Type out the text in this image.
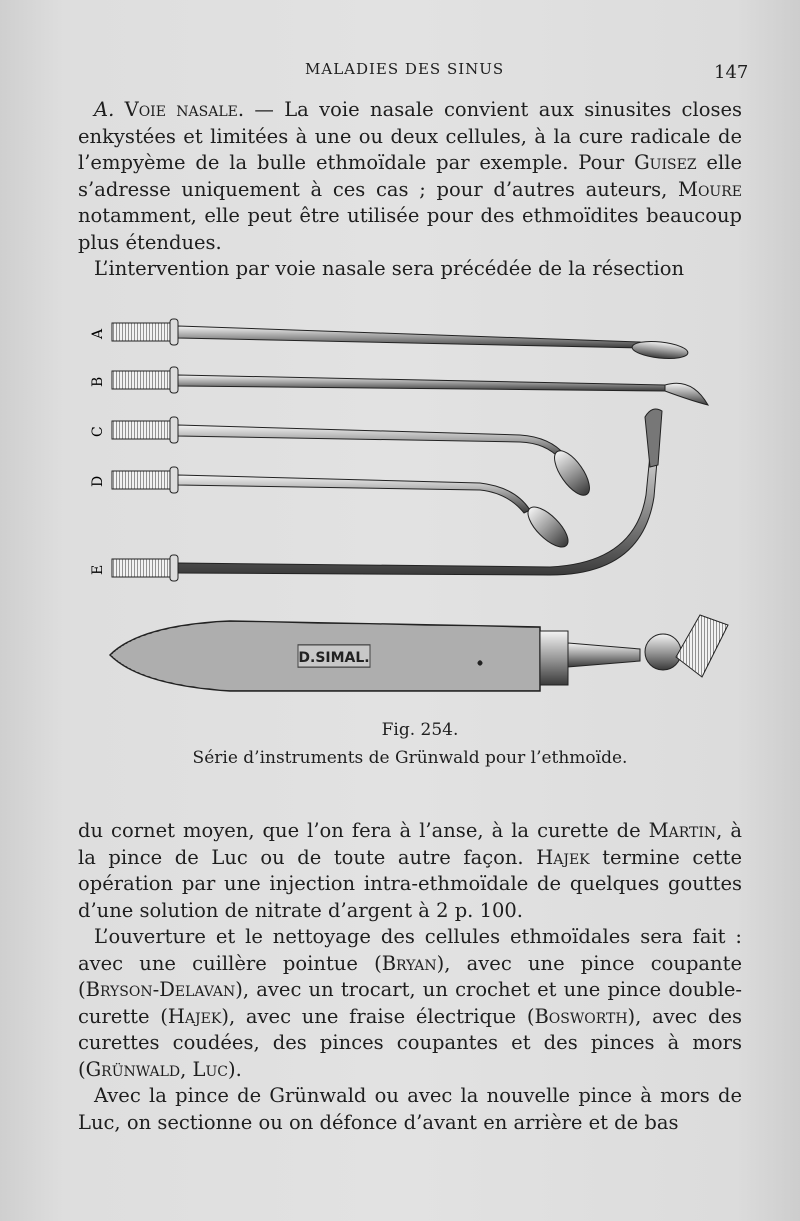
MALADIES DES SINUS	147

A. Voie nasale. — La voie nasale convient aux sinusites closes enkystées et limitées à une ou deux cellules, à la cure radicale de l’empyème de la bulle ethmoïdale par exemple. Pour Guisez elle s’adresse uniquement à ces cas ; pour d’autres auteurs, Moure notamment, elle peut être utilisée pour des ethmoïdites beaucoup plus étendues.

L’intervention par voie nasale sera précédée de la résection

A
B
C
D
E
D.SIMAL.
Fig. 254.
Série d’instruments de Grünwald pour l’ethmoïde.

du cornet moyen, que l’on fera à l’anse, à la curette de Martin, à la pince de Luc ou de toute autre façon. Hajek termine cette opération par une injection intra-ethmoïdale de quelques gouttes d’une solution de nitrate d’argent à 2 p. 100.

L’ouverture et le nettoyage des cellules ethmoïdales sera fait : avec une cuillère pointue (Bryan), avec une pince coupante (Bryson-Delavan), avec un trocart, un crochet et une pince double-curette (Hajek), avec une fraise électrique (Bosworth), avec des curettes coudées, des pinces coupantes et des pinces à mors (Grünwald, Luc).

Avec la pince de Grünwald ou avec la nouvelle pince à mors de Luc, on sectionne ou on défonce d’avant en arrière et de bas
